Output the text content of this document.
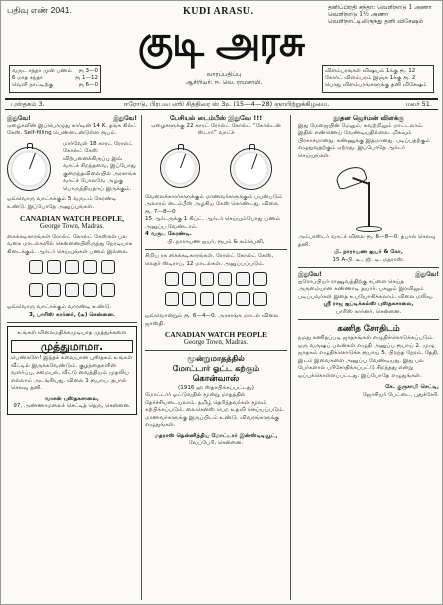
பதிவு எண் 2041.	KUDI ARASU.	தனிப்பிரதி சந்தா: வெளிநாடு 1 அணா
வெளிநாடு 1½ அணா
வெளிநாட்டிலிருந்து தனி விசேஷம்
குடி அரசு
வருட சந்தா முன் பணம் ரூ 3—0
6 மாத சந்தா	ரூ 1—12
வெளி நாட்டிற்கு	ரூ 6—0
வாரப்பதிப்பு
ஆசிரியர்: ஈ. வெ. ராமசாமி.
விளம்பரங்கள் விஷயம் 1க்கு ரூ. 12
கோர்ட் விளம்பரம் இஞ்சு 1க்கு ரூ. 2
பொது விளம்பரங்களுக்கு தனி விசேஷம்
புஸ்தகம் 3.	ஈரோடு, பிரபவ ஸூ சித்திரை ஸ் 3உ (15—4—28) ஞாயிற்றுக்கிழமை.	மலர் 51.
இதுவே!	இதுவே!

ஏழைகளின் இப்பொழுது கார்டின் 14 K. தங்க கில்ட் கேஸ். Self-filling பெண்டைன்டுள்ள ரூபம்.

மார்வேள் 18 காரட் ரோல்ட் கோல்ட் கேஸ் விற்பனைக்கிருப்பு இவ் வாட்ச் சிறந்தவை, இப்போது குறைந்தவிலையில் அரசாங்க வாட்ச் போலவே அழகு பொருந்தியதாய் இருக்கும்.

ஒவ்வொரு வாட்சுக்கும் 5 வருடம் கேரண்டி உண்டு. இப்போதே அனுப்புங்கள்.

CANADIAN WATCH PEOPLE,
George Town, Madras.

கைக்கடிகாரங்கள் ரோல்ட் கோல்ட் கேஸ்கள் பல வகை மாடல்களில் சென்னையிலிருந்து நேரடியாக கிடைக்கும். ஆர்டர் செய்யுங்கள் பணம் இல்லை.

ஒவ்வொரு வாட்சுக்கும் வாரண்டி உண்டு.

3, பாரிஸ் கார்னர், (டீ) சென்னை.

உங்கள் விலைமதிக்கமுடியாத முத்துக்களை

முத்துமாமா.

பெண்களே! இந்தச் சுவையான புஸ்தகம் உங்கள் வீட்டில் இருக்கவேண்டும். குழந்தைகளின் வளர்ப்பு, சமையல், வீட்டு வைத்தியம் முதலிய எல்லாம் அடங்கியது. விலை 1 ரூபாய். தபால் செலவு தனி.

வாசன் புஸ்தகசாலை,

97, அண்ணாமலைச் செட்டித் தெரு, சென்னை.

பேசியல் டைம்பீஸ் இதுவே !!!

ஏழைகளுக்கு 22 காரட் ரோல்ட் கோல்ட் “கோல்டன் ஸ்டார்” வாட்ச்

வேலைக்காரர்களுக்கும் மாணவர்களுக்கும் பயன்படும் அலாரம் டைம்பீஸ் அழகிய கேஸ் கொண்டது. விலை ரூ. 7—8—0

15 ஆர்டருக்கு 1 கிப்ட். ஆர்டர் செய்யும்போது பணம் அனுப்ப வேண்டாம்.

4 வருட கேரண்டி.

பி. நாராயண ஐயர், ரூபம் & கம்பெனி,

சிறிய ரக கைக்கடிகாரங்கள், ரோல்ட் கோல்ட் கேஸ், லெதர் ஸ்டிராப், 12 மாடல்கள். அனுப்பப்படும்.

ஒவ்வொன்றும் ரூ. 6—4—0. அரசாங்க மாடல் விலை ஜாஸ்தி.

CANADIAN WATCH PEOPLE
George Town, Madras.

மூன்றுமாதத்தில்

மோட்டார் ஓட்ட கற்கும்

கொன்வாஸ்

(1916 ஹ ஸ்தாபிக்கப்பட்டது)

மோட்டார் ஓட்டுவதில் மூன்று மாதத்தில் தேர்ச்சியடையலாம். தமிழ் தெரிந்தவர்கள் மூலம் கற்பிக்கப்படும். லைசென்ஸ் பெற உதவி செய்யப்படும். மாணவர்களுக்கு இருப்பிடம் உண்டு. விவரங்களுக்கு எழுதுங்கள்.

மதராஸ் தென்னிந்திய மோட்டார் இன்ஸ்டிடியூட்,

வேப்பேரி, சென்னை.

நூதன ஜெர்மன் விளக்கு

இது மேஜையின் மேலும், சுவற்றிலும் மாட்டலாம். இதில் எண்ணெய் வேண்டியதில்லை. மிகவும் பிரகாசமானது. கண்ணுக்கு இதமானது. படிப்பதற்கும் எழுதுவதற்கும் ஏற்றது. இப்போதே ஆர்டர் செய்யுங்கள்.

அம்பாஸ்டர் வாட்ச் விலை ரூ. 6—8—0. தபால் செலவு தனி.

பி. நாராயண ஐயர் & கோ,

15 A-பி. டீ., ஜி. டி. மதராஸ்.

இதுவே!	இதுவே!

ஐரோப்பியர் ராணுவத்திற்கு சப்ளை செய்த அருமையான கண்ணாடி தயார். பகலும் இரவிலும் படிப்பவர்கள் இதை உபயோகிக்கலாம். விலை மலிவு.

ஸ்ரீ ராஜ ஐப்டிக்கல்ஸ் புஸ்தகசாலை,

பாரிஸ் கார்னர், சென்னை.

கணித சோதிடம்

நமது கணிதப்படி ஜாதகங்கள் எழுதிக்கொடுக்கப்படும். ஒரு வருஷப் பலன்கள் எழுதி அனுப்ப ரூபாய் 2. முழு ஜாதகம் எழுதிக்கொடுக்க ரூபாய் 5. பிறந்த நேரம், தேதி, இடம் இவைகளை அனுப்ப வேண்டியது. இது பல பேர்களால் பரிசோதிக்கப்பட்டு சிறந்தது என்று ஒப்புக்கொள்ளப்பட்டது. இப்போதே எழுதுங்கள்.

கே. குருசாமி செட்டி,

ஜோசியர் பேட்டை, புதுச்சேரி.
